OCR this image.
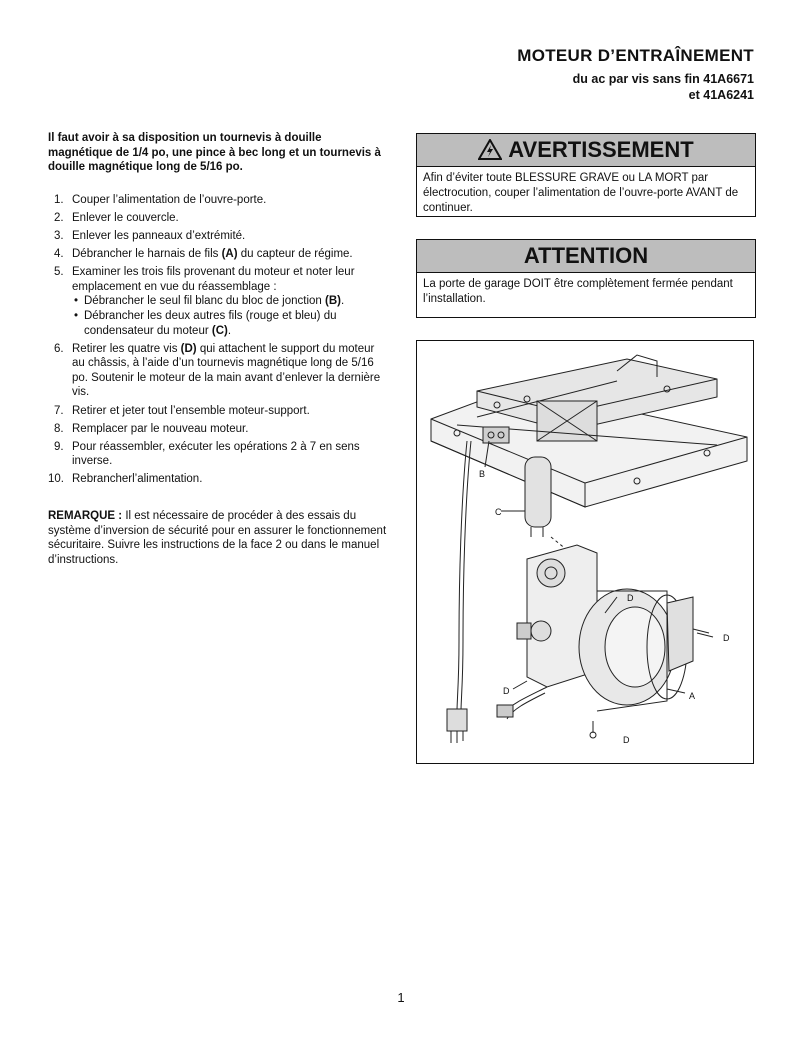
MOTEUR D’ENTRAÎNEMENT
du ac par vis sans fin 41A6671
et 41A6241
Il faut avoir à sa disposition un tournevis à douille magnétique de 1/4 po, une pince à bec long et un tournevis à douille magnétique long de 5/16 po.
1. Couper l’alimentation de l’ouvre-porte.
2. Enlever le couvercle.
3. Enlever les panneaux d’extrémité.
4. Débrancher le harnais de fils (A) du capteur de régime.
5. Examiner les trois fils provenant du moteur et noter leur emplacement en vue du réassemblage :
• Débrancher le seul fil blanc du bloc de jonction (B).
• Débrancher les deux autres fils (rouge et bleu) du condensateur du moteur (C).
6. Retirer les quatre vis (D) qui attachent le support du moteur au châssis, à l’aide d’un tournevis magnétique long de 5/16 po. Soutenir le moteur de la main avant d’enlever la dernière vis.
7. Retirer et jeter tout l’ensemble moteur-support.
8. Remplacer par le nouveau moteur.
9. Pour réassembler, exécuter les opérations 2 à 7 en sens inverse.
10. Rebrancherl’alimentation.
REMARQUE : Il est nécessaire de procéder à des essais du système d’inversion de sécurité pour en assurer le fonctionnement sécuritaire. Suivre les instructions de la face 2 ou dans le manuel d’instructions.
AVERTISSEMENT
Afin d’éviter toute BLESSURE GRAVE ou LA MORT par électrocution, couper l’alimentation de l’ouvre-porte AVANT de continuer.
ATTENTION
La porte de garage DOIT être complètement fermée pendant l’installation.
B
C
D
D
D
D
A
1
